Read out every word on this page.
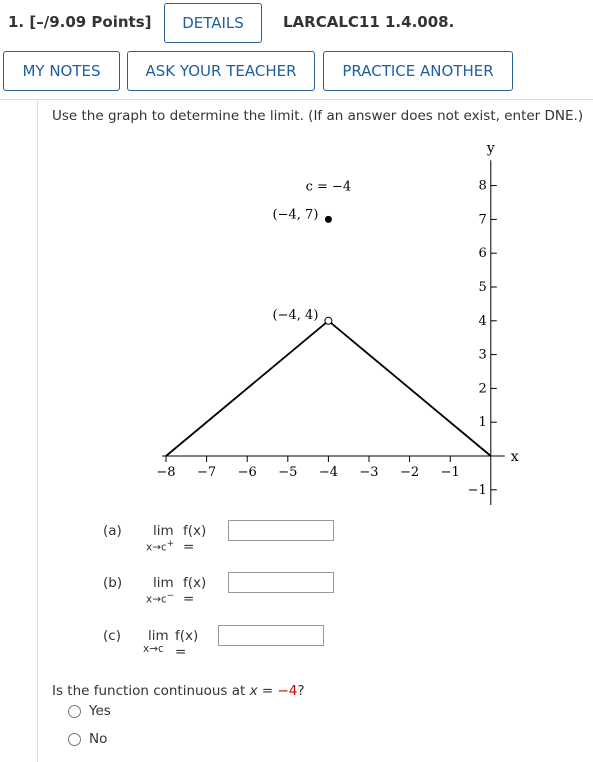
1. [–/9.09 Points]	DETAILS	LARCALC11 1.4.008.
MY NOTES	ASK YOUR TEACHER	PRACTICE ANOTHER
Use the graph to determine the limit. (If an answer does not exist, enter DNE.)
−8 −7 −6 −5 −4 −3 −2 −1
−1
1
2
3
4
5
6
7
8
x
y
c = −4
(−4, 7)
(−4, 4)
(a) lim f(x) =
x→c+
(b) lim f(x) =
x→c−
(c) lim f(x) =
x→c
Is the function continuous at x = −4?
Yes
No
